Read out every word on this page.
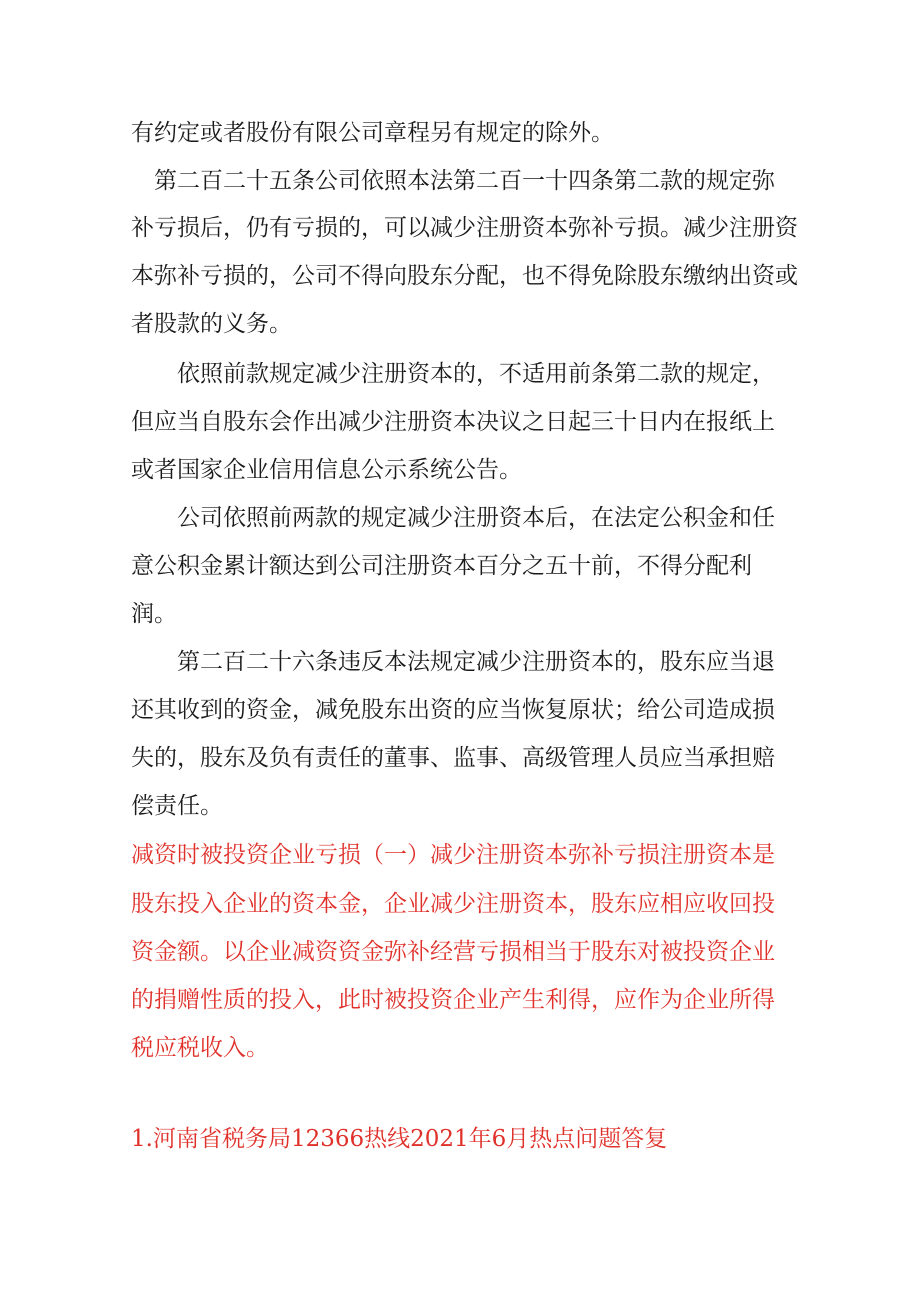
有约定或者股份有限公司章程另有规定的除外。
　第二百二十五条公司依照本法第二百一十四条第二款的规定弥
补亏损后，仍有亏损的，可以减少注册资本弥补亏损。减少注册资
本弥补亏损的，公司不得向股东分配，也不得免除股东缴纳出资或
者股款的义务。
　　依照前款规定减少注册资本的，不适用前条第二款的规定，
但应当自股东会作出减少注册资本决议之日起三十日内在报纸上
或者国家企业信用信息公示系统公告。
　　公司依照前两款的规定减少注册资本后，在法定公积金和任
意公积金累计额达到公司注册资本百分之五十前，不得分配利
润。
　　第二百二十六条违反本法规定减少注册资本的，股东应当退
还其收到的资金，减免股东出资的应当恢复原状；给公司造成损
失的，股东及负有责任的董事、监事、高级管理人员应当承担赔
偿责任。
减资时被投资企业亏损（一）减少注册资本弥补亏损注册资本是
股东投入企业的资本金，企业减少注册资本，股东应相应收回投
资金额。以企业减资资金弥补经营亏损相当于股东对被投资企业
的捐赠性质的投入，此时被投资企业产生利得，应作为企业所得
税应税收入。
1.河南省税务局12366热线2021年6月热点问题答复
